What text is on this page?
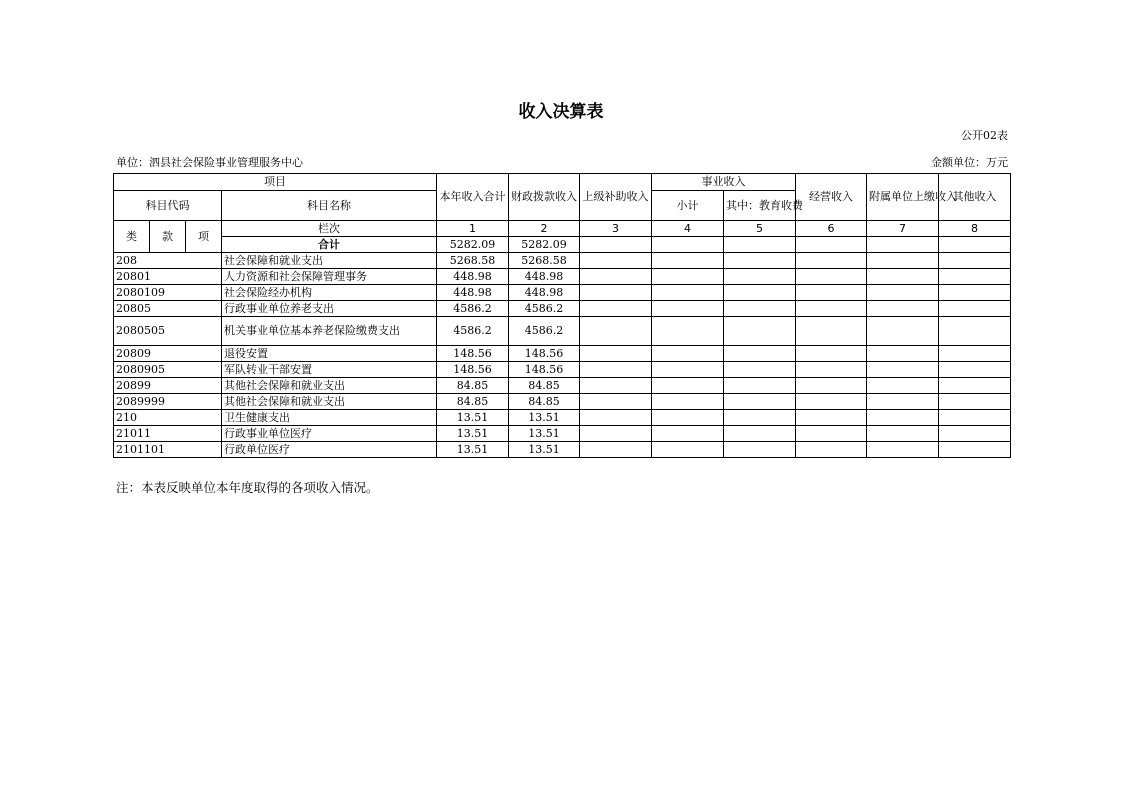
收入决算表
公开02表
单位：泗县社会保险事业管理服务中心	金额单位：万元
项目				本年收入合计	财政拨款收入	上级补助收入	事业收入		经营收入	附属单位上缴收入	其他收入
科目代码			科目名称				小计	其中：教育收费			
类	款	项	栏次	1	2	3	4	5	6	7	8
			合计	5282.09	5282.09						
208			社会保障和就业支出	5268.58	5268.58						
20801			人力资源和社会保障管理事务	448.98	448.98						
2080109			社会保险经办机构	448.98	448.98						
20805			行政事业单位养老支出	4586.2	4586.2						
2080505			机关事业单位基本养老保险缴费支出	4586.2	4586.2						
20809			退役安置	148.56	148.56						
2080905			军队转业干部安置	148.56	148.56						
20899			其他社会保障和就业支出	84.85	84.85						
2089999			其他社会保障和就业支出	84.85	84.85						
210			卫生健康支出	13.51	13.51						
21011			行政事业单位医疗	13.51	13.51						
2101101			行政单位医疗	13.51	13.51						
注：本表反映单位本年度取得的各项收入情况。
